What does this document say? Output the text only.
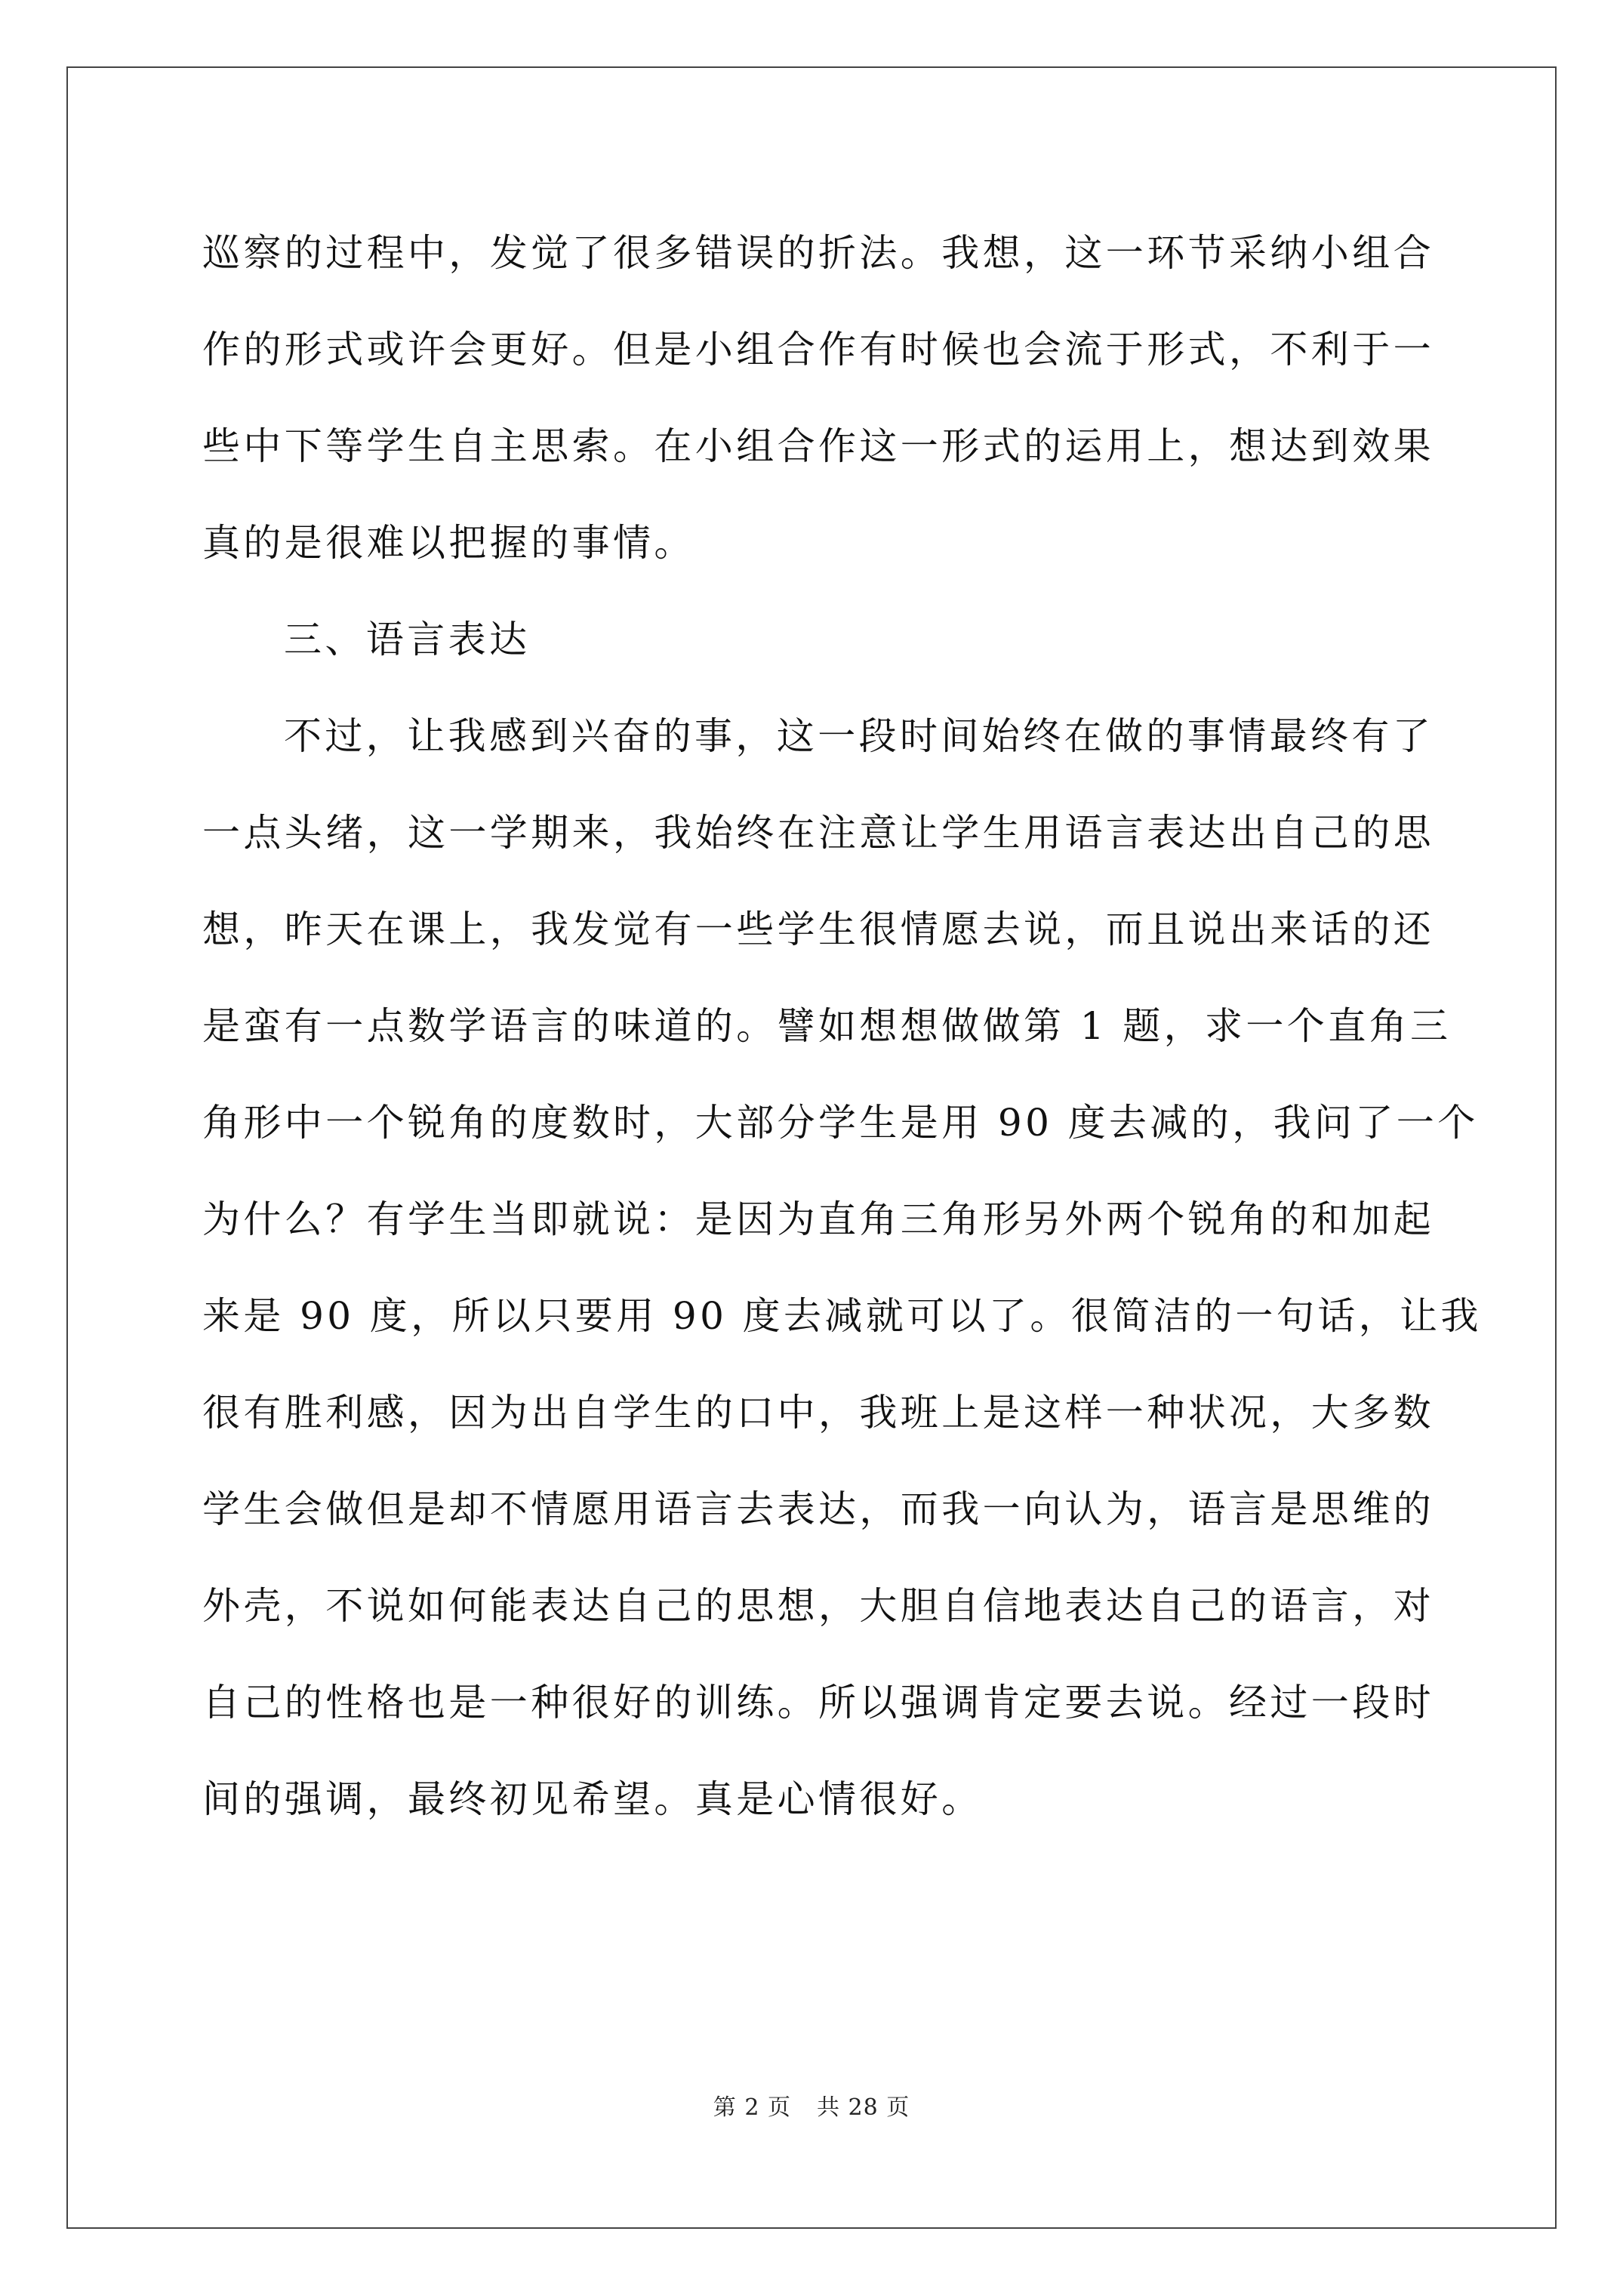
巡察的过程中，发觉了很多错误的折法。我想，这一环节采纳小组合
作的形式或许会更好。但是小组合作有时候也会流于形式，不利于一
些中下等学生自主思索。在小组合作这一形式的运用上，想达到效果
真的是很难以把握的事情。
三、语言表达
不过，让我感到兴奋的事，这一段时间始终在做的事情最终有了
一点头绪，这一学期来，我始终在注意让学生用语言表达出自己的思
想，昨天在课上，我发觉有一些学生很情愿去说，而且说出来话的还
是蛮有一点数学语言的味道的。譬如想想做做第 1 题，求一个直角三
角形中一个锐角的度数时，大部分学生是用 90 度去减的，我问了一个
为什么？有学生当即就说：是因为直角三角形另外两个锐角的和加起
来是 90 度，所以只要用 90 度去减就可以了。很简洁的一句话，让我
很有胜利感，因为出自学生的口中，我班上是这样一种状况，大多数
学生会做但是却不情愿用语言去表达，而我一向认为，语言是思维的
外壳，不说如何能表达自己的思想，大胆自信地表达自己的语言，对
自己的性格也是一种很好的训练。所以强调肯定要去说。经过一段时
间的强调，最终初见希望。真是心情很好。
第 2 页 共 28 页
